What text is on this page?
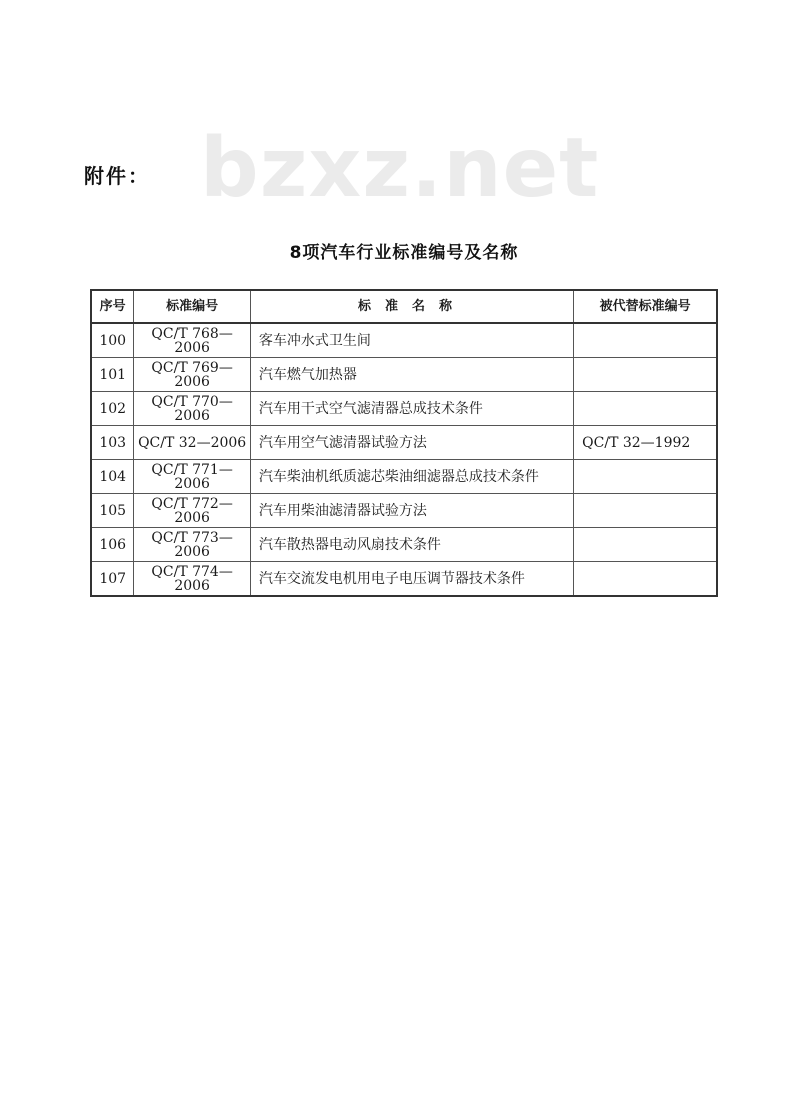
bzxz.net
附件：
8项汽车行业标准编号及名称
序号	标准编号	标准名称	被代替标准编号
100	QC/T 768—2006	客车冲水式卫生间	
101	QC/T 769—2006	汽车燃气加热器	
102	QC/T 770—2006	汽车用干式空气滤清器总成技术条件	
103	QC/T 32—2006	汽车用空气滤清器试验方法	QC/T 32—1992
104	QC/T 771—2006	汽车柴油机纸质滤芯柴油细滤器总成技术条件	
105	QC/T 772—2006	汽车用柴油滤清器试验方法	
106	QC/T 773—2006	汽车散热器电动风扇技术条件	
107	QC/T 774—2006	汽车交流发电机用电子电压调节器技术条件	
